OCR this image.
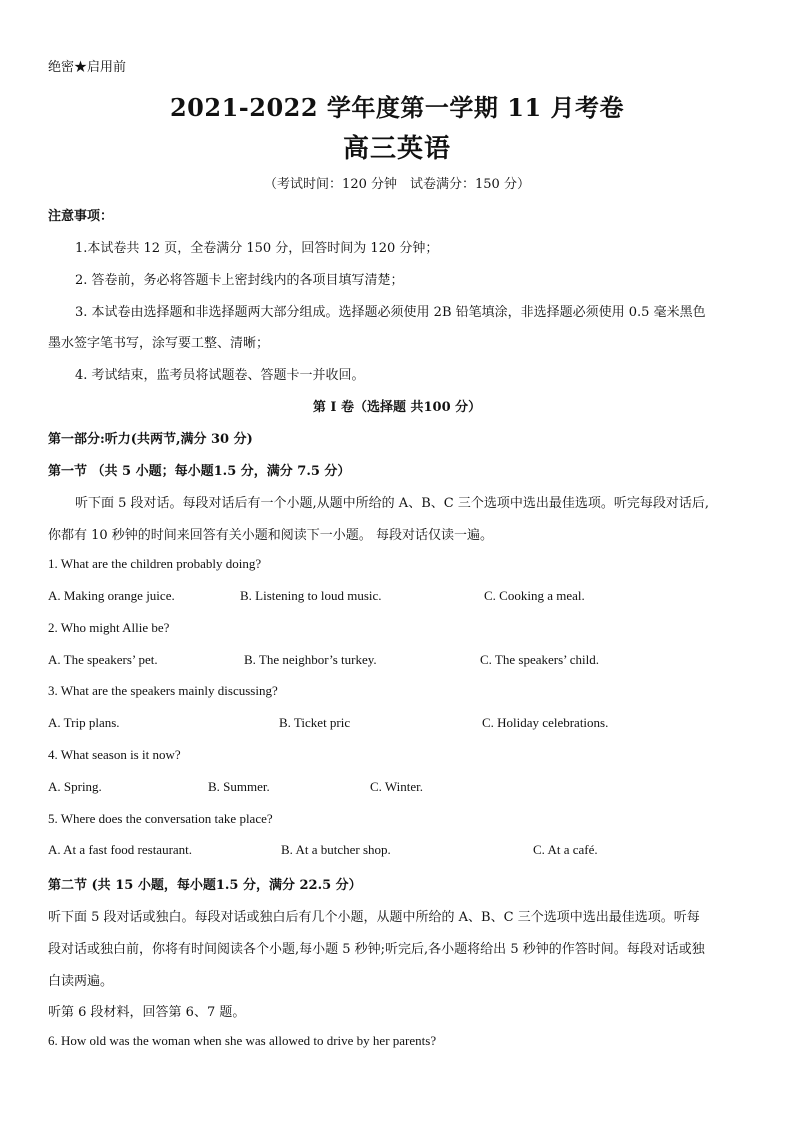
绝密★启用前
2021-2022 学年度第一学期 11 月考卷
高三英语
（考试时间：120 分钟　试卷满分：150 分）
注意事项：
1.本试卷共 12 页，全卷满分 150 分，回答时间为 120 分钟；
2. 答卷前，务必将答题卡上密封线内的各项目填写清楚；
3. 本试卷由选择题和非选择题两大部分组成。选择题必须使用 2B 铅笔填涂，非选择题必须使用 0.5 毫米黑色
墨水签字笔书写，涂写要工整、清晰；
4. 考试结束，监考员将试题卷、答题卡一并收回。
第 I 卷（选择题 共100 分）
第一部分:听力(共两节,满分 30 分)
第一节 （共 5 小题；每小题1.5 分，满分 7.5 分）
听下面 5 段对话。每段对话后有一个小题,从题中所给的 A、B、C 三个选项中选出最佳选项。听完每段对话后,
你都有 10 秒钟的时间来回答有关小题和阅读下一小题。 每段对话仅读一遍。
1. What are the children probably doing?
A. Making orange juice.	B. Listening to loud music.	C. Cooking a meal.
2. Who might Allie be?
A. The speakers’ pet.	B. The neighbor’s turkey.	C. The speakers’ child.
3. What are the speakers mainly discussing?
A. Trip plans.	B. Ticket pric	C. Holiday celebrations.
4. What season is it now?
A. Spring.	B. Summer.	C. Winter.
5. Where does the conversation take place?
A. At a fast food restaurant.	B. At a butcher shop.	C. At a café.
第二节 (共 15 小题，每小题1.5 分，满分 22.5 分）
听下面 5 段对话或独白。每段对话或独白后有几个小题，从题中所给的 A、B、C 三个选项中选出最佳选项。听每
段对话或独白前，你将有时间阅读各个小题,每小题 5 秒钟;听完后,各小题将给出 5 秒钟的作答时间。每段对话或独
白读两遍。
听第 6 段材料，回答第 6、7 题。
6. How old was the woman when she was allowed to drive by her parents?
